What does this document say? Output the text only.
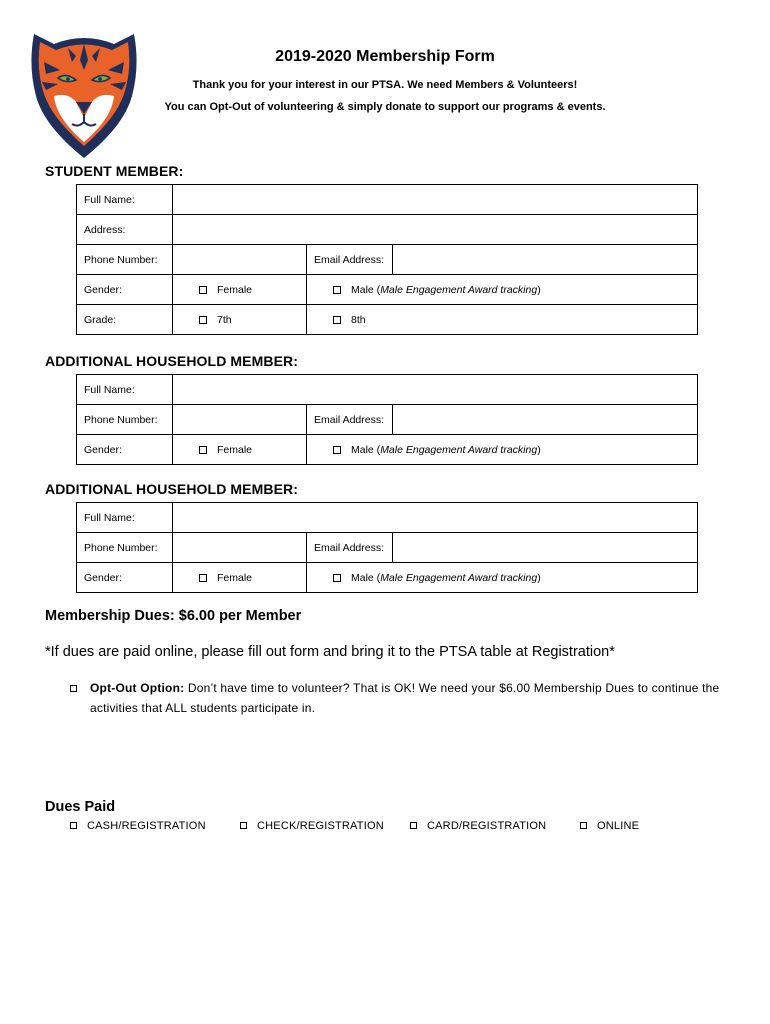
2019-2020 Membership Form
Thank you for your interest in our PTSA. We need Members & Volunteers!
You can Opt-Out of volunteering & simply donate to support our programs & events.
STUDENT MEMBER:
Full Name:			
Address:			
Phone Number:		Email Address:	
Gender:	Female	Male (Male Engagement Award tracking)	
Grade:	7th	8th	
ADDITIONAL HOUSEHOLD MEMBER:
Full Name:			
Phone Number:		Email Address:	
Gender:	Female	Male (Male Engagement Award tracking)	
ADDITIONAL HOUSEHOLD MEMBER:
Full Name:			
Phone Number:		Email Address:	
Gender:	Female	Male (Male Engagement Award tracking)	
Membership Dues: $6.00 per Member
*If dues are paid online, please fill out form and bring it to the PTSA table at Registration*
Opt-Out Option: Don’t have time to volunteer? That is OK! We need your $6.00 Membership Dues to continue the activities that ALL students participate in.
Dues Paid
CASH/REGISTRATION	CHECK/REGISTRATION	CARD/REGISTRATION	ONLINE
